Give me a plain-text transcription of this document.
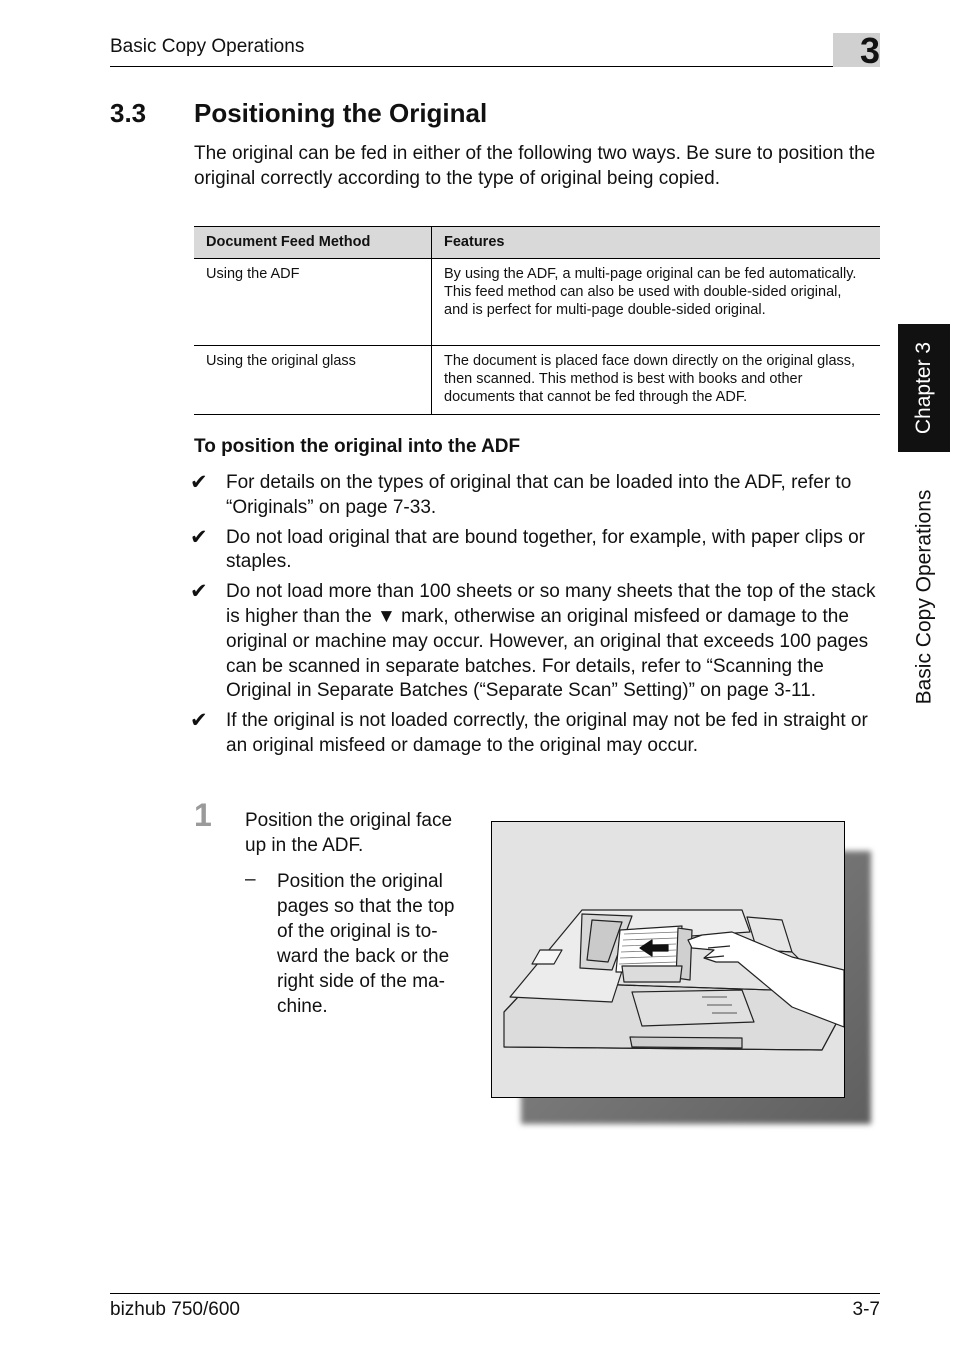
Basic Copy Operations	3
Chapter 3
Basic Copy Operations
3.3 Positioning the Original
The original can be fed in either of the following two ways. Be sure to position the original correctly according to the type of original being copied.
Document Feed Method	Features
Using the ADF	By using the ADF, a multi-page original can be fed automatically. This feed method can also be used with double-sided original, and is perfect for multi-page double-sided original.
Using the original glass	The document is placed face down directly on the original glass, then scanned. This method is best with books and other documents that cannot be fed through the ADF.
To position the original into the ADF
✔ For details on the types of original that can be loaded into the ADF, refer to “Originals” on page 7-33.
✔ Do not load original that are bound together, for example, with paper clips or staples.
✔ Do not load more than 100 sheets or so many sheets that the top of the stack is higher than the ▼ mark, otherwise an original misfeed or damage to the original or machine may occur. However, an original that exceeds 100 pages can be scanned in separate batches. For details, refer to “Scanning the Original in Separate Batches (“Separate Scan” Setting)” on page 3-11.
✔ If the original is not loaded correctly, the original may not be fed in straight or an original misfeed or damage to the original may occur.
1 Position the original face up in the ADF.
– Position the original pages so that the top of the original is to-ward the back or the right side of the ma-chine.
bizhub 750/600	3-7
